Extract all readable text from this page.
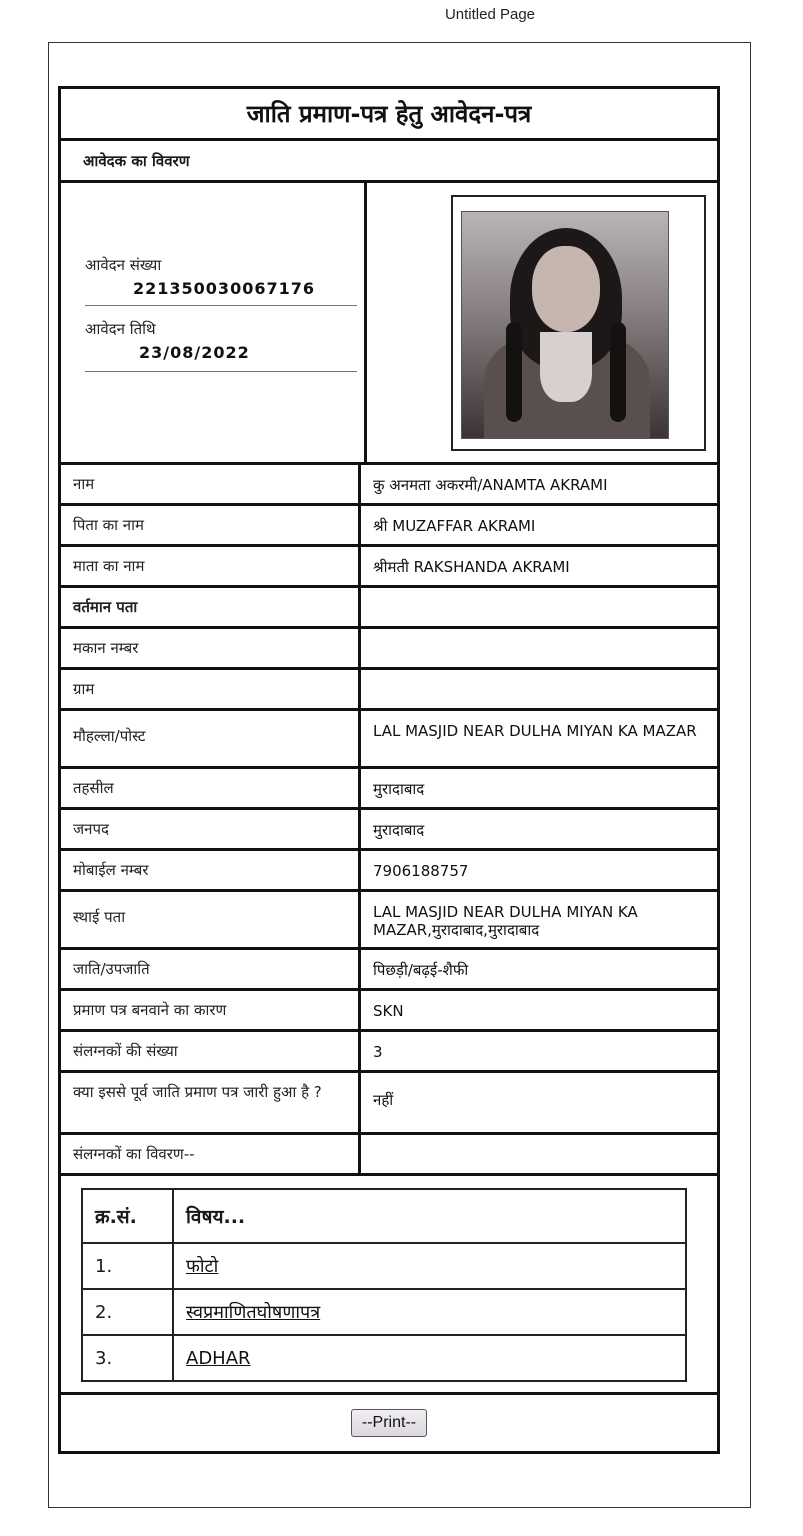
Untitled Page
जाति प्रमाण-पत्र हेतु आवेदन-पत्र
आवेदक का विवरण
आवेदन संख्या
221350030067176
आवेदन तिथि
23/08/2022
नाम	कु अनमता अकरमी/ANAMTA AKRAMI
पिता का नाम	श्री MUZAFFAR AKRAMI
माता का नाम	श्रीमती RAKSHANDA AKRAMI
वर्तमान पता
मकान नम्बर
ग्राम
मौहल्ला/पोस्ट	LAL MASJID NEAR DULHA MIYAN KA MAZAR
तहसील	मुरादाबाद
जनपद	मुरादाबाद
मोबाईल नम्बर	7906188757
स्थाई पता	LAL MASJID NEAR DULHA MIYAN KA MAZAR,मुरादाबाद,मुरादाबाद
जाति/उपजाति	पिछड़ी/बढ़ई-शैफी
प्रमाण पत्र बनवाने का कारण	SKN
संलग्नकों की संख्या	3
क्या इससे पूर्व जाति प्रमाण पत्र जारी हुआ है ?	नहीं
संलग्नकों का विवरण--
क्र.सं.	विषय...
1.	फोटो
2.	स्वप्रमाणितघोषणापत्र
3.	ADHAR
--Print--
